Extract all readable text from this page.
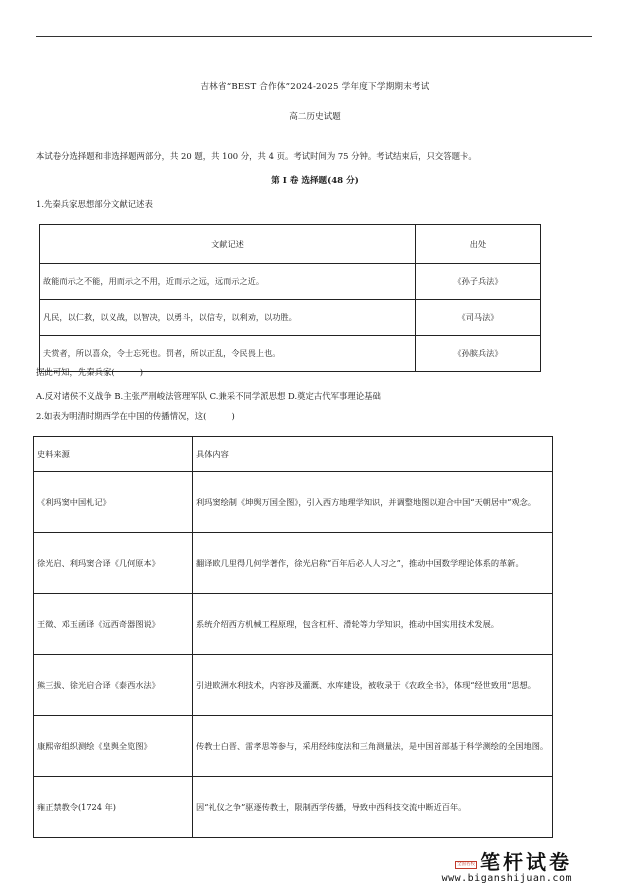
吉林省“BEST 合作体”2024-2025 学年度下学期期末考试
高二历史试题
本试卷分选择题和非选择题两部分，共 20 题，共 100 分，共 4 页。考试时间为 75 分钟。考试结束后，只交答题卡。
第 I 卷 选择题(48 分)
1.先秦兵家思想部分文献记述表
文献记述	出处
故能而示之不能，用而示之不用，近而示之远，远而示之近。	《孙子兵法》
凡民，以仁救，以义战，以智决，以勇斗，以信专，以利劝，以功胜。	《司马法》
夫赏者，所以喜众，令士忘死也。罚者，所以正乱，令民畏上也。	《孙膑兵法》
据此可知，先秦兵家(　　　)
A.反对诸侯不义战争 B.主张严刑峻法管理军队 C.兼采不同学派思想 D.奠定古代军事理论基础
2.如表为明清时期西学在中国的传播情况，这(　　　)
史料来源	具体内容
《利玛窦中国札记》	利玛窦绘制《坤舆万国全图》，引入西方地理学知识，并调整地图以迎合中国“天朝居中”观念。
徐光启、利玛窦合译《几何原本》	翻译欧几里得几何学著作，徐光启称“百年后必人人习之”，推动中国数学理论体系的革新。
王徵、邓玉函译《远西奇器图说》	系统介绍西方机械工程原理，包含杠杆、滑轮等力学知识，推动中国实用技术发展。
熊三拔、徐光启合译《泰西水法》	引进欧洲水利技术，内容涉及灌溉、水库建设，被收录于《农政全书》，体现“经世致用”思想。
康熙帝组织测绘《皇舆全览图》	传教士白晋、雷孝思等参与，采用经纬度法和三角测量法，是中国首部基于科学测绘的全国地图。
雍正禁教令(1724 年)	因“礼仪之争”驱逐传教士，限制西学传播，导致中西科技交流中断近百年。
全国名校 笔杆试卷
www.biganshijuan.com
